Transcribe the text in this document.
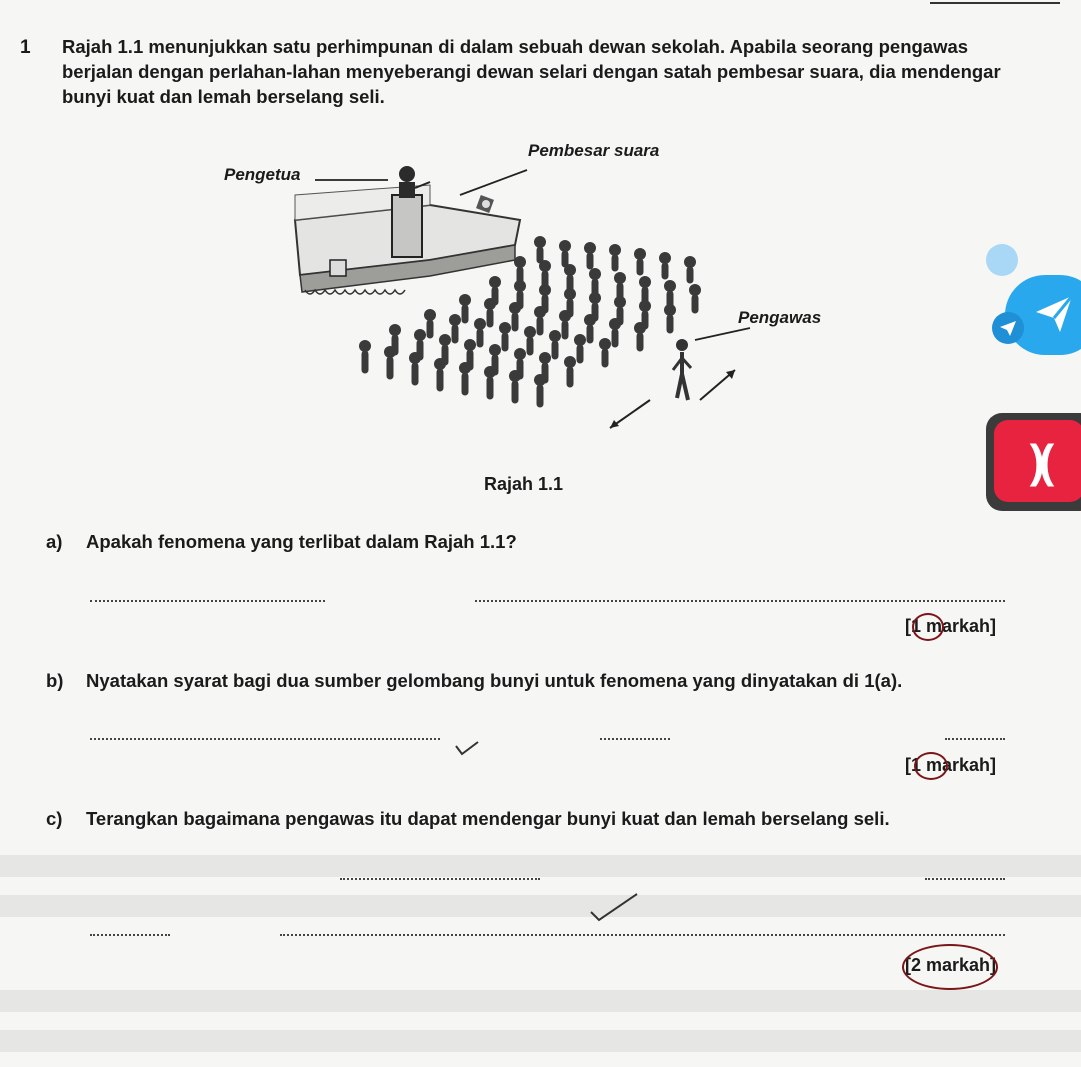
1 Rajah 1.1 menunjukkan satu perhimpunan di dalam sebuah dewan sekolah. Apabila seorang pengawas berjalan dengan perlahan-lahan menyeberangi dewan selari dengan satah pembesar suara, dia mendengar bunyi kuat dan lemah berselang seli.
Pembesar suara
Pengetua
Pengawas
Rajah 1.1	)(
a) Apakah fenomena yang terlibat dalam Rajah 1.1?
[1 markah]
b) Nyatakan syarat bagi dua sumber gelombang bunyi untuk fenomena yang dinyatakan di 1(a).
[1 markah]
c) Terangkan bagaimana pengawas itu dapat mendengar bunyi kuat dan lemah berselang seli.
[2 markah]
